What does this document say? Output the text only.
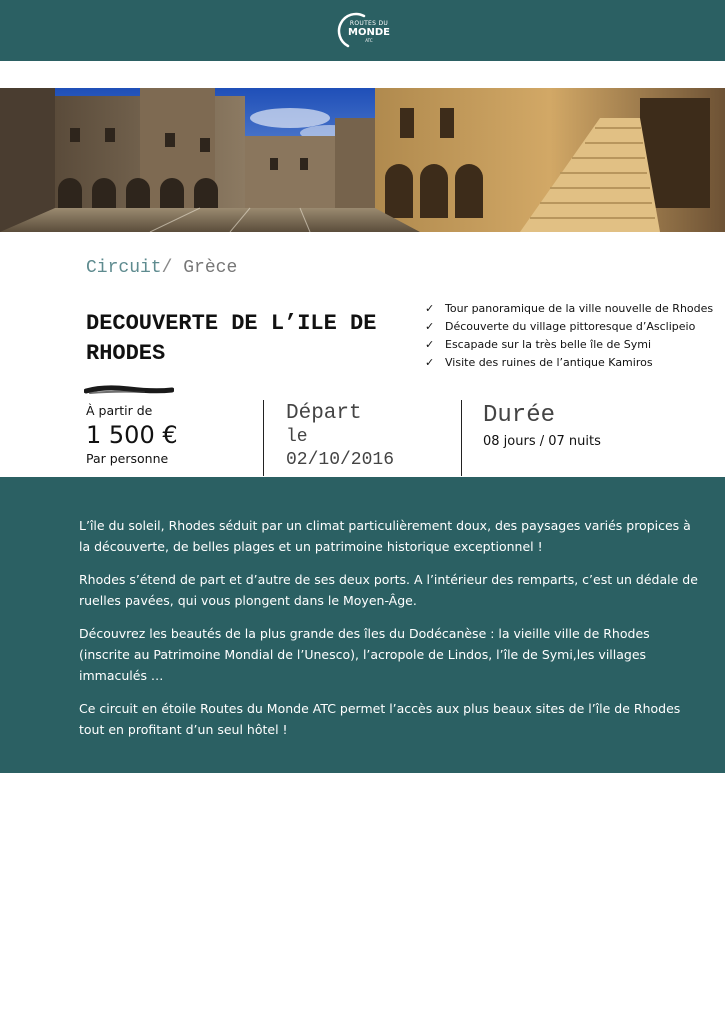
ROUTES DU
MONDE
ATC
Circuit/ Grèce
DECOUVERTE DE L’ILE DE RHODES
✓ Tour panoramique de la ville nouvelle de Rhodes
✓ Découverte du village pittoresque d’Asclipeio
✓ Escapade sur la très belle île de Symi
✓ Visite des ruines de l’antique Kamiros
À partir de
1 500 €
Par personne
Départ
le
02/10/2016
Durée
08 jours / 07 nuits

L’île du soleil, Rhodes séduit par un climat particulièrement doux, des paysages variés propices à la découverte, de belles plages et un patrimoine historique exceptionnel !

Rhodes s’étend de part et d’autre de ses deux ports. A l’intérieur des remparts, c’est un dédale de ruelles pavées, qui vous plongent dans le Moyen-Âge.

Découvrez les beautés de la plus grande des îles du Dodécanèse : la vieille ville de Rhodes (inscrite au Patrimoine Mondial de l’Unesco), l’acropole de Lindos, l’île de Symi,les villages immaculés …

Ce circuit en étoile Routes du Monde ATC permet l’accès aux plus beaux sites de l’île de Rhodes tout en profitant d’un seul hôtel !
